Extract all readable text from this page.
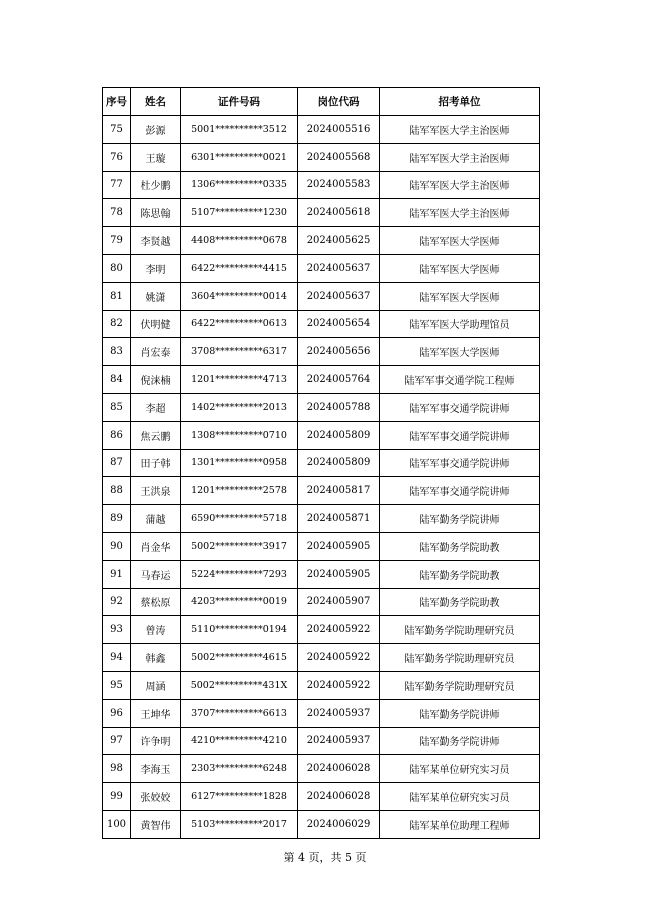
序号	姓名	证件号码	岗位代码	招考单位
75	彭源	5001**********3512	2024005516	陆军军医大学主治医师
76	王璇	6301**********0021	2024005568	陆军军医大学主治医师
77	杜少鹏	1306**********0335	2024005583	陆军军医大学主治医师
78	陈思翰	5107**********1230	2024005618	陆军军医大学主治医师
79	李贤越	4408**********0678	2024005625	陆军军医大学医师
80	李明	6422**********4415	2024005637	陆军军医大学医师
81	姚潇	3604**********0014	2024005637	陆军军医大学医师
82	伏明健	6422**********0613	2024005654	陆军军医大学助理馆员
83	肖宏泰	3708**********6317	2024005656	陆军军医大学医师
84	倪涞楠	1201**********4713	2024005764	陆军军事交通学院工程师
85	李超	1402**********2013	2024005788	陆军军事交通学院讲师
86	焦云鹏	1308**********0710	2024005809	陆军军事交通学院讲师
87	田子韩	1301**********0958	2024005809	陆军军事交通学院讲师
88	王洪泉	1201**********2578	2024005817	陆军军事交通学院讲师
89	蒲越	6590**********5718	2024005871	陆军勤务学院讲师
90	肖金华	5002**********3917	2024005905	陆军勤务学院助教
91	马春运	5224**********7293	2024005905	陆军勤务学院助教
92	蔡松原	4203**********0019	2024005907	陆军勤务学院助教
93	曾涛	5110**********0194	2024005922	陆军勤务学院助理研究员
94	韩鑫	5002**********4615	2024005922	陆军勤务学院助理研究员
95	周涵	5002**********431X	2024005922	陆军勤务学院助理研究员
96	王坤华	3707**********6613	2024005937	陆军勤务学院讲师
97	许争明	4210**********4210	2024005937	陆军勤务学院讲师
98	李海玉	2303**********6248	2024006028	陆军某单位研究实习员
99	张姣姣	6127**********1828	2024006028	陆军某单位研究实习员
100	黄智伟	5103**********2017	2024006029	陆军某单位助理工程师
第 4 页，共 5 页
